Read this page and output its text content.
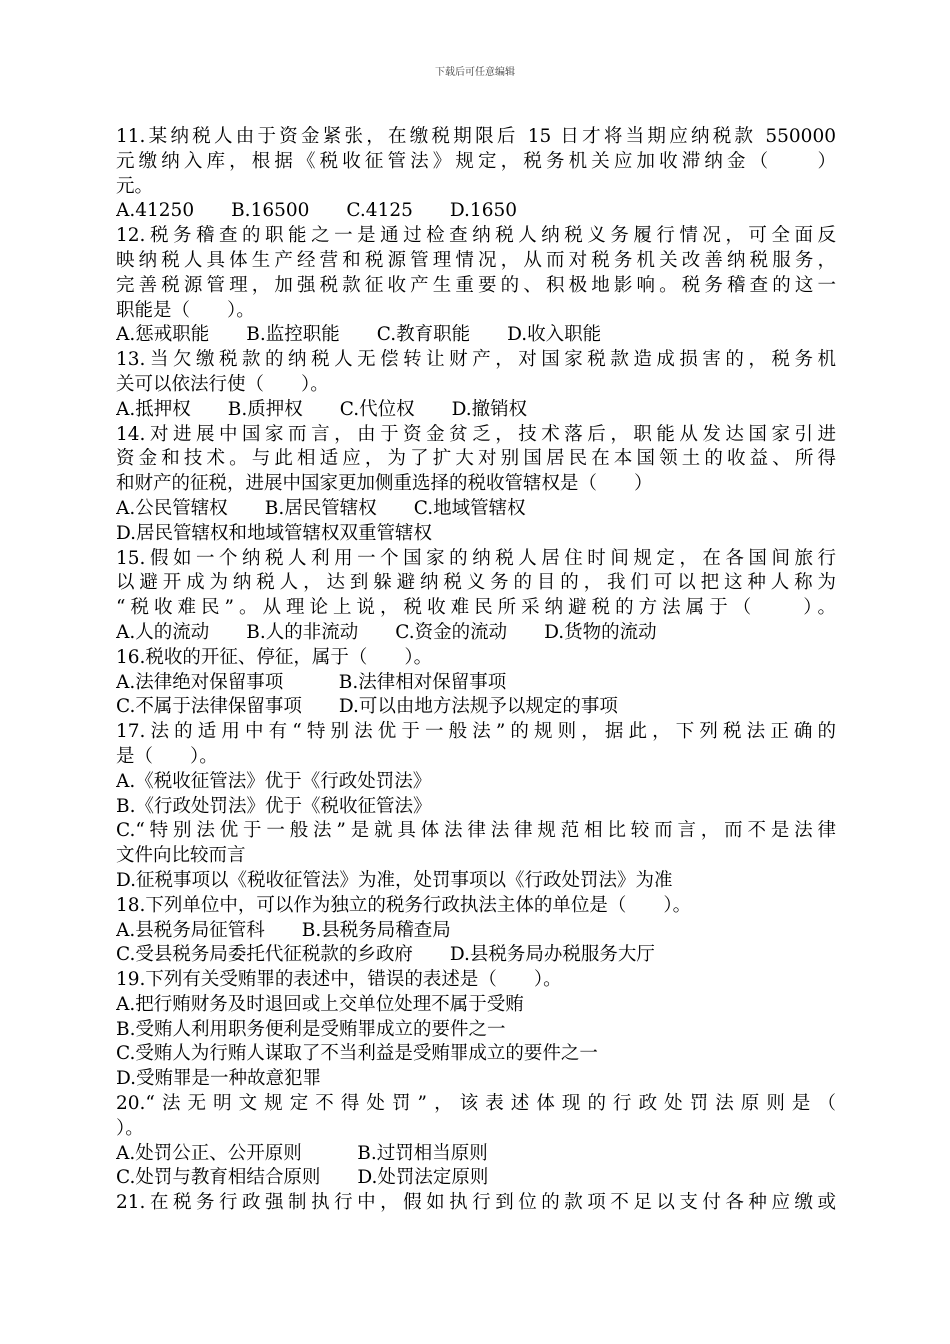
下载后可任意编辑
11.某纳税人由于资金紧张，在缴税期限后 15 日才将当期应纳税款 550000
元缴纳入库，根据《税收征管法》规定，税务机关应加收滞纳金（　　）
元。
A.41250　　B.16500　　C.4125　　D.1650
12.税务稽查的职能之一是通过检查纳税人纳税义务履行情况，可全面反
映纳税人具体生产经营和税源管理情况，从而对税务机关改善纳税服务，
完善税源管理，加强税款征收产生重要的、积极地影响。税务稽查的这一
职能是（　　）。
A.惩戒职能　　B.监控职能　　C.教育职能　　D.收入职能
13.当欠缴税款的纳税人无偿转让财产，对国家税款造成损害的，税务机
关可以依法行使（　　）。
A.抵押权　　B.质押权　　C.代位权　　D.撤销权
14.对进展中国家而言，由于资金贫乏，技术落后，职能从发达国家引进
资金和技术。与此相适应，为了扩大对别国居民在本国领土的收益、所得
和财产的征税，进展中国家更加侧重选择的税收管辖权是（　　）
A.公民管辖权　　B.居民管辖权　　C.地域管辖权
D.居民管辖权和地域管辖权双重管辖权
15.假如一个纳税人利用一个国家的纳税人居住时间规定，在各国间旅行
以避开成为纳税人，达到躲避纳税义务的目的，我们可以把这种人称为
“税收难民”。从理论上说，税收难民所采纳避税的方法属于（　　）。
A.人的流动　　B.人的非流动　　C.资金的流动　　D.货物的流动
16.税收的开征、停征，属于（　　）。
A.法律绝对保留事项　　　B.法律相对保留事项
C.不属于法律保留事项　　D.可以由地方法规予以规定的事项
17.法的适用中有“特别法优于一般法”的规则，据此，下列税法正确的
是（　　）。
A.《税收征管法》优于《行政处罚法》
B.《行政处罚法》优于《税收征管法》
C.“特别法优于一般法”是就具体法律法律规范相比较而言，而不是法律
文件向比较而言
D.征税事项以《税收征管法》为准，处罚事项以《行政处罚法》为准
18.下列单位中，可以作为独立的税务行政执法主体的单位是（　　）。
A.县税务局征管科　　B.县税务局稽查局
C.受县税务局委托代征税款的乡政府　　D.县税务局办税服务大厅
19.下列有关受贿罪的表述中，错误的表述是（　　）。
A.把行贿财务及时退回或上交单位处理不属于受贿
B.受贿人利用职务便利是受贿罪成立的要件之一
C.受贿人为行贿人谋取了不当利益是受贿罪成立的要件之一
D.受贿罪是一种故意犯罪
20.“法无明文规定不得处罚”，该表述体现的行政处罚法原则是（
）。
A.处罚公正、公开原则　　　B.过罚相当原则
C.处罚与教育相结合原则　　D.处罚法定原则
21.在税务行政强制执行中，假如执行到位的款项不足以支付各种应缴或
